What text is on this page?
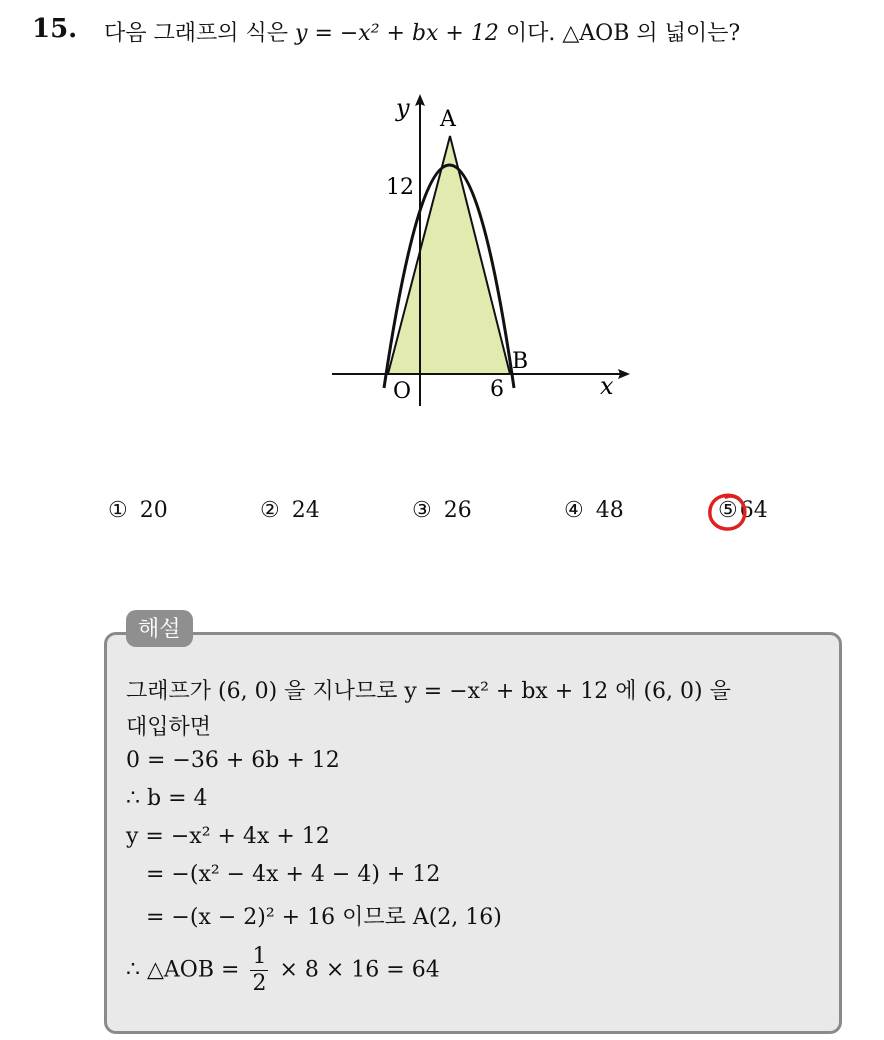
15. 다음 그래프의 식은 y = −x² + bx + 12 이다. △AOB 의 넓이는?
y
x
A
O
B
12
6
① 20	② 24	③ 26	④ 48	⑤64
해설
그래프가 (6, 0) 을 지나므로 y = −x² + bx + 12 에 (6, 0) 을
대입하면
0 = −36 + 6b + 12
∴ b = 4
y = −x² + 4x + 12
= −(x² − 4x + 4 − 4) + 12
= −(x − 2)² + 16 이므로 A(2, 16)
∴ △AOB = $\frac{1}{2} \times 8 \times 16 = 64$
